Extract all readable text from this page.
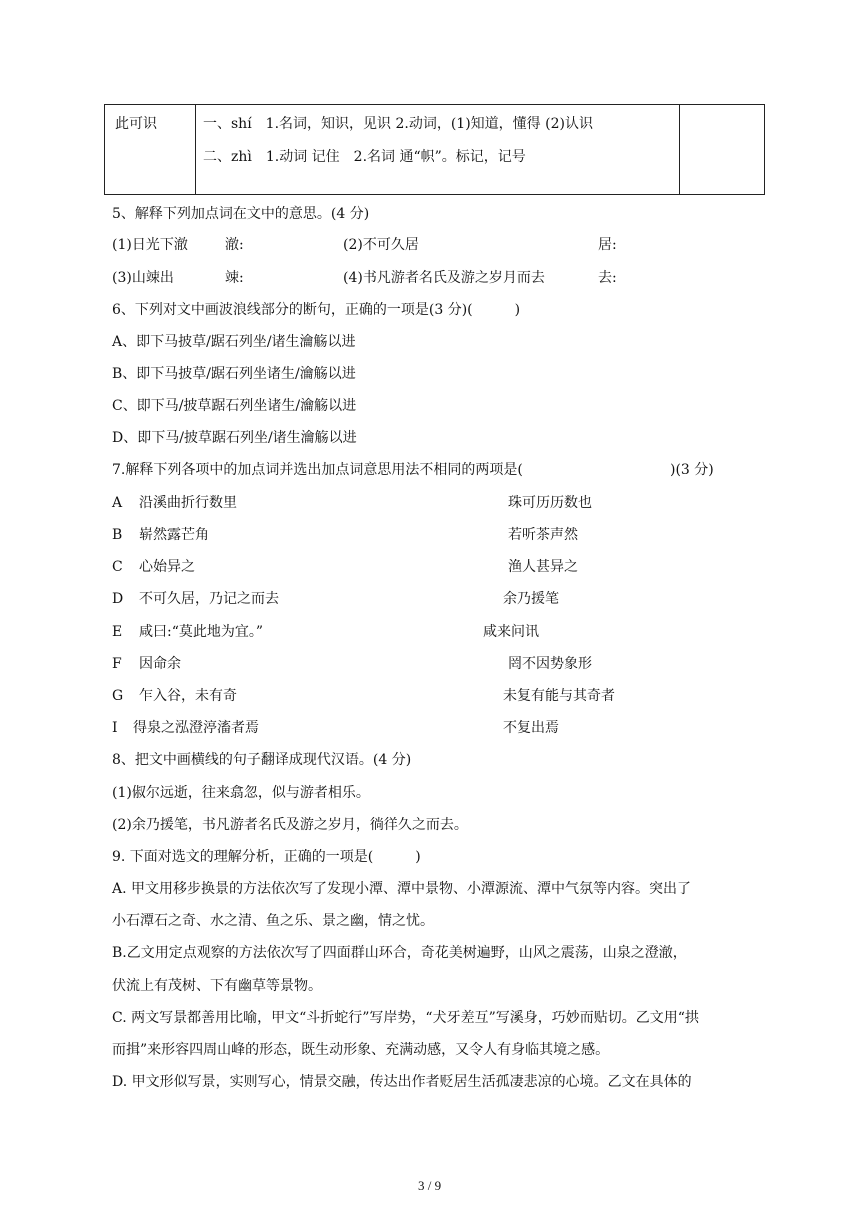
此可识	一、shí　1.名词，知识，见识 2.动词，(1)知道，懂得 (2)认识
二、zhì　1.动词 记住　2.名词 通“帜”。标记，记号
5、解释下列加点词在文中的意思。(4 分)
(1)日光下澈	澈:	(2)不可久居	居:
(3)山竦出	竦:	(4)书凡游者名氏及游之岁月而去	去:
6、下列对文中画波浪线部分的断句，正确的一项是(3 分)(　　　)
A、即下马披草/踞石列坐/诸生瀹觞以进
B、即下马披草/踞石列坐诸生/瀹觞以进
C、即下马/披草踞石列坐诸生/瀹觞以进
D、即下马/披草踞石列坐/诸生瀹觞以进
7.解释下列各项中的加点词并选出加点词意思用法不相同的两项是(	)(3 分)
A 沿溪曲折行数里	珠可历历数也
B 崭然露芒角	若听茶声然
C 心始异之	渔人甚异之
D 不可久居，乃记之而去	余乃援笔
E 咸曰:“莫此地为宜。”	咸来问讯
F 因命余	罔不因势象形
G 乍入谷，未有奇	未复有能与其奇者
I 得泉之泓澄渟滀者焉	不复出焉
8、把文中画横线的句子翻译成现代汉语。(4 分)
(1)俶尔远逝，往来翕忽，似与游者相乐。
(2)余乃援笔，书凡游者名氏及游之岁月，徜徉久之而去。
9. 下面对选文的理解分析，正确的一项是(　　　)
A. 甲文用移步换景的方法依次写了发现小潭、潭中景物、小潭源流、潭中气氛等内容。突出了
小石潭石之奇、水之清、鱼之乐、景之幽，情之忧。
B.乙文用定点观察的方法依次写了四面群山环合，奇花美树遍野，山风之震荡，山泉之澄澈，
伏流上有茂树、下有幽草等景物。
C. 两文写景都善用比喻，甲文“斗折蛇行”写岸势，“犬牙差互”写溪身，巧妙而贴切。乙文用“拱
而揖”来形容四周山峰的形态，既生动形象、充满动感，又令人有身临其境之感。
D. 甲文形似写景，实则写心，情景交融，传达出作者贬居生活孤凄悲凉的心境。乙文在具体的
3 / 9
